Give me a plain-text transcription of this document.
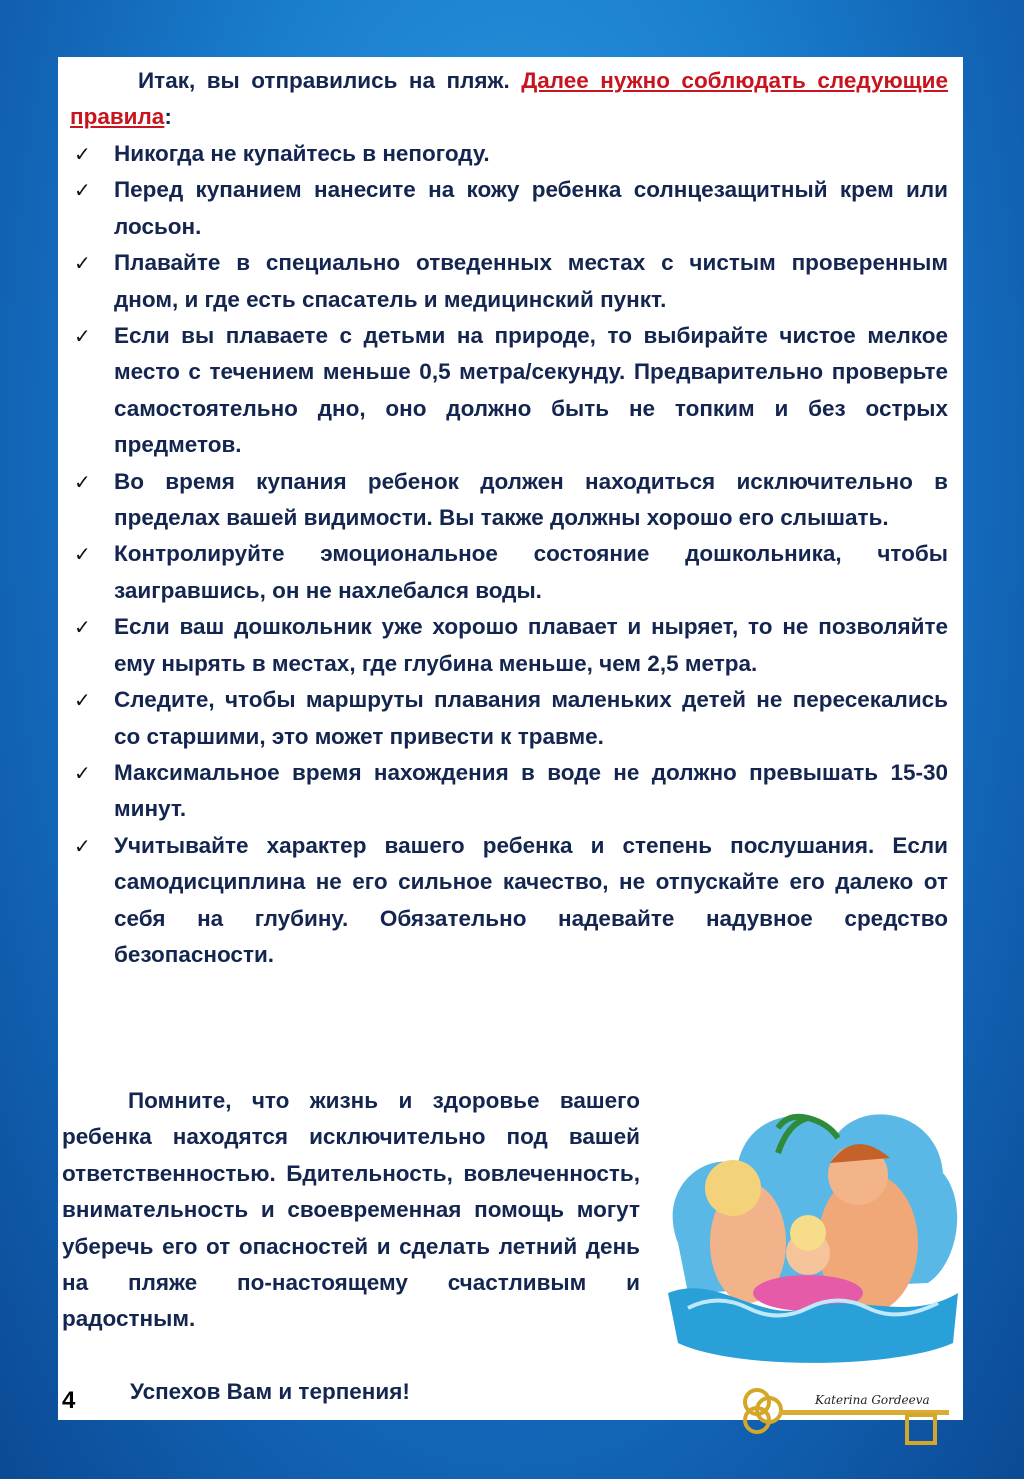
Итак, вы отправились на пляж. Далее нужно соблюдать следующие правила:
✓ Никогда не купайтесь в непогоду.
✓ Перед купанием нанесите на кожу ребенка солнцезащитный крем или лосьон.
✓ Плавайте в специально отведенных местах с чистым проверенным дном, и где есть спасатель и медицинский пункт.
✓ Если вы плаваете с детьми на природе, то выбирайте чистое мелкое место с течением меньше 0,5 метра/секунду. Предварительно проверьте самостоятельно дно, оно должно быть не топким и без острых предметов.
✓ Во время купания ребенок должен находиться исключительно в пределах вашей видимости. Вы также должны хорошо его слышать.
✓ Контролируйте эмоциональное состояние дошкольника, чтобы заигравшись, он не нахлебался воды.
✓ Если ваш дошкольник уже хорошо плавает и ныряет, то не позволяйте ему нырять в местах, где глубина меньше, чем 2,5 метра.
✓ Следите, чтобы маршруты плавания маленьких детей не пересекались со старшими, это может привести к травме.
✓ Максимальное время нахождения в воде не должно превышать 15-30 минут.
✓ Учитывайте характер вашего ребенка и степень послушания. Если самодисциплина не его сильное качество, не отпускайте его далеко от себя на глубину. Обязательно надевайте надувное средство безопасности.
Помните, что жизнь и здоровье вашего ребенка находятся исключительно под вашей ответственностью. Бдительность, вовлеченность, внимательность и своевременная помощь могут уберечь его от опасностей и сделать летний день на пляже по-настоящему счастливым и радостным.
Успехов Вам и терпения!
4	Katerina Gordeeva
